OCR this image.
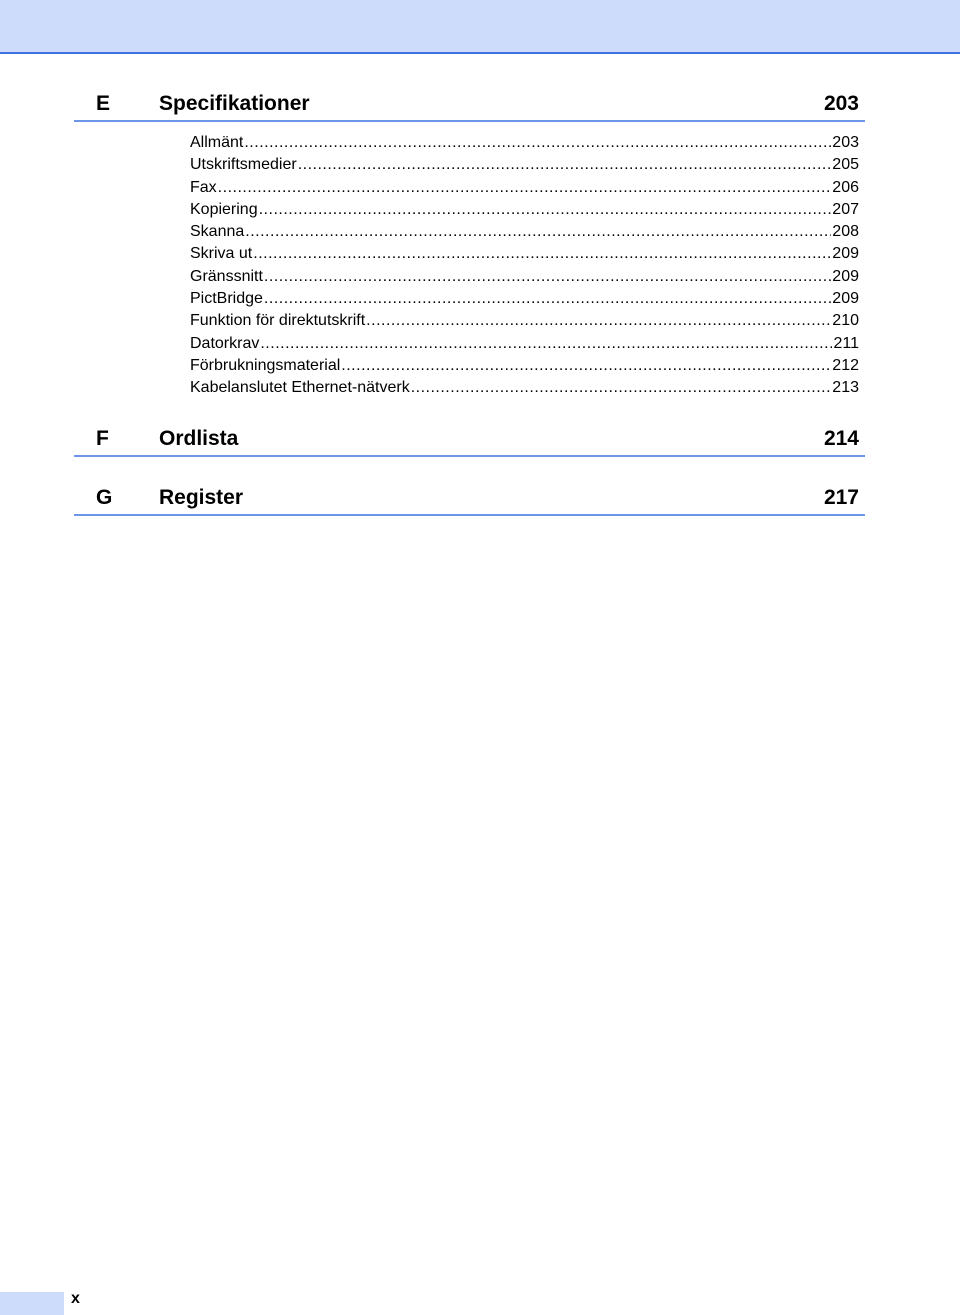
E Specifikationer	203
Allmänt .....	203
Utskriftsmedier .....	205
Fax .....	206
Kopiering .....	207
Skanna .....	208
Skriva ut .....	209
Gränssnitt .....	209
PictBridge .....	209
Funktion för direktutskrift .....	210
Datorkrav .....	211
Förbrukningsmaterial .....	212
Kabelanslutet Ethernet-nätverk .....	213
F Ordlista	214
G Register	217
x
